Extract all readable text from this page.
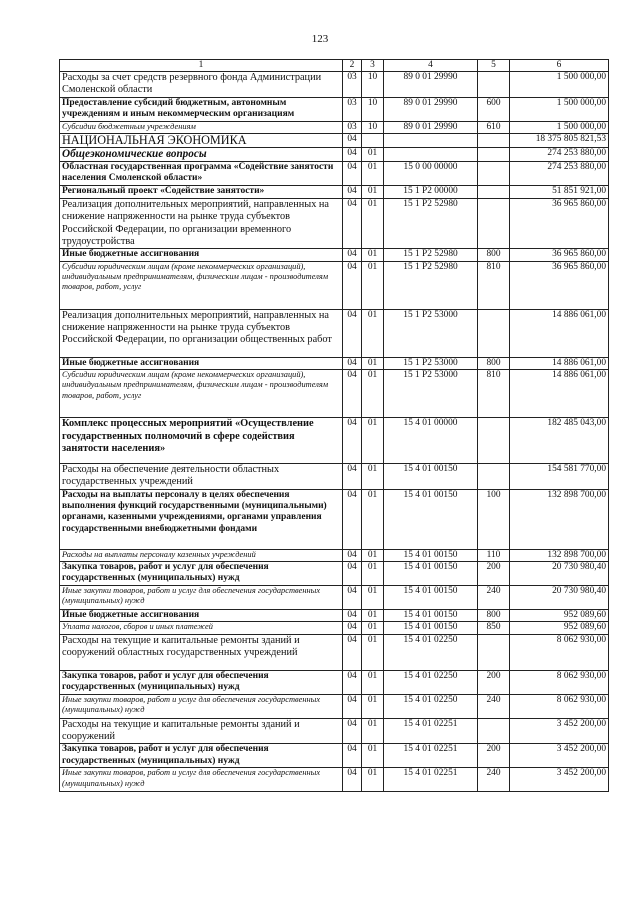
123
1	2	3	4	5	6
Расходы за счет средств резервного фонда Администрации Смоленской области	03	10	89 0 01 29990		1 500 000,00
Предоставление субсидий бюджетным, автономным учреждениям и иным некоммерческим организациям	03	10	89 0 01 29990	600	1 500 000,00
Субсидии бюджетным учреждениям	03	10	89 0 01 29990	610	1 500 000,00
НАЦИОНАЛЬНАЯ ЭКОНОМИКА	04				18 375 805 821,53
Общеэкономические вопросы	04	01			274 253 880,00
Областная государственная программа «Содействие занятости населения Смоленской области»	04	01	15 0 00 00000		274 253 880,00
Региональный проект «Содействие занятости»	04	01	15 1 P2 00000		51 851 921,00
Реализация дополнительных мероприятий, направленных на снижение напряженности на рынке труда субъектов Российской Федерации, по организации временного трудоустройства	04	01	15 1 P2 52980		36 965 860,00
Иные бюджетные ассигнования	04	01	15 1 P2 52980	800	36 965 860,00
Субсидии юридическим лицам (кроме некоммерческих организаций), индивидуальным предпринимателям, физическим лицам - производителям товаров, работ, услуг	04	01	15 1 P2 52980	810	36 965 860,00
Реализация дополнительных мероприятий, направленных на снижение напряженности на рынке труда субъектов Российской Федерации, по организации общественных работ	04	01	15 1 P2 53000		14 886 061,00
Иные бюджетные ассигнования	04	01	15 1 P2 53000	800	14 886 061,00
Субсидии юридическим лицам (кроме некоммерческих организаций), индивидуальным предпринимателям, физическим лицам - производителям товаров, работ, услуг	04	01	15 1 P2 53000	810	14 886 061,00
Комплекс процессных мероприятий «Осуществление государственных полномочий в сфере содействия занятости населения»	04	01	15 4 01 00000		182 485 043,00
Расходы на обеспечение деятельности областных государственных учреждений	04	01	15 4 01 00150		154 581 770,00
Расходы на выплаты персоналу в целях обеспечения выполнения функций государственными (муниципальными) органами, казенными учреждениями, органами управления государственными внебюджетными фондами	04	01	15 4 01 00150	100	132 898 700,00
Расходы на выплаты персоналу казенных учреждений	04	01	15 4 01 00150	110	132 898 700,00
Закупка товаров, работ и услуг для обеспечения государственных (муниципальных) нужд	04	01	15 4 01 00150	200	20 730 980,40
Иные закупки товаров, работ и услуг для обеспечения государственных (муниципальных) нужд	04	01	15 4 01 00150	240	20 730 980,40
Иные бюджетные ассигнования	04	01	15 4 01 00150	800	952 089,60
Уплата налогов, сборов и иных платежей	04	01	15 4 01 00150	850	952 089,60
Расходы на текущие и капитальные ремонты зданий и сооружений областных государственных учреждений	04	01	15 4 01 02250		8 062 930,00
Закупка товаров, работ и услуг для обеспечения государственных (муниципальных) нужд	04	01	15 4 01 02250	200	8 062 930,00
Иные закупки товаров, работ и услуг для обеспечения государственных (муниципальных) нужд	04	01	15 4 01 02250	240	8 062 930,00
Расходы на текущие и капитальные ремонты зданий и сооружений	04	01	15 4 01 02251		3 452 200,00
Закупка товаров, работ и услуг для обеспечения государственных (муниципальных) нужд	04	01	15 4 01 02251	200	3 452 200,00
Иные закупки товаров, работ и услуг для обеспечения государственных (муниципальных) нужд	04	01	15 4 01 02251	240	3 452 200,00
